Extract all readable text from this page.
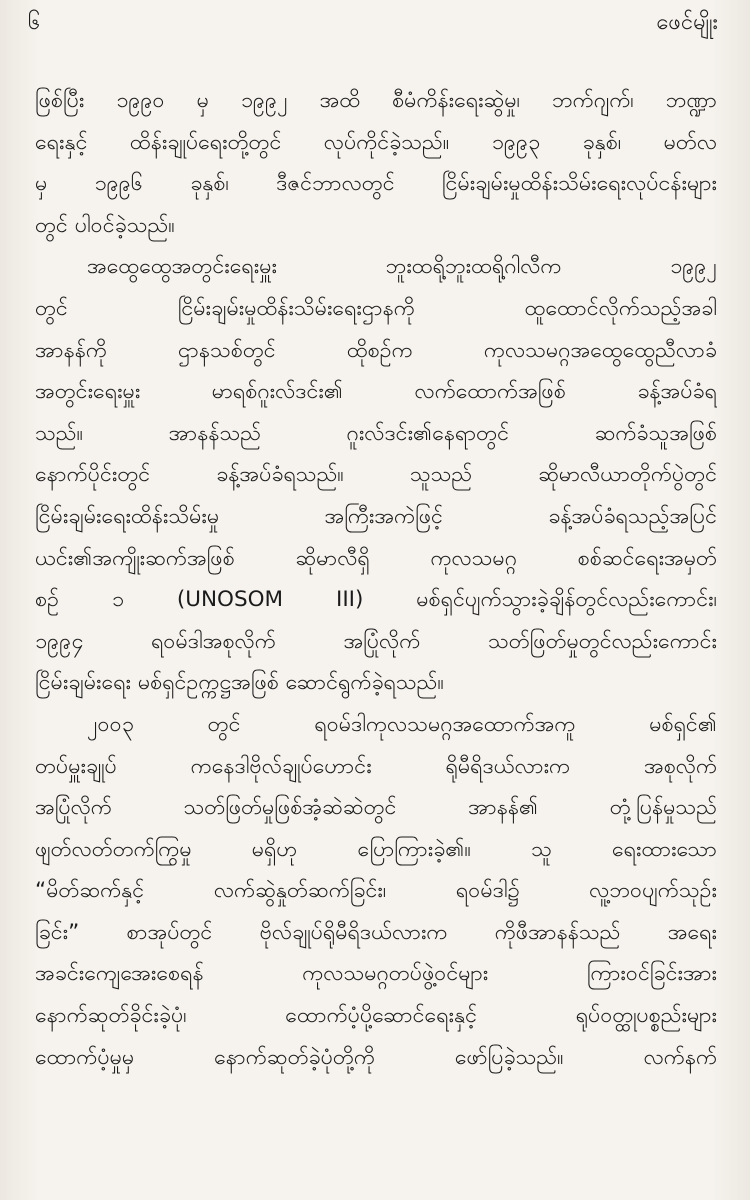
၆	ဖေင်မျိုး
ဖြစ်ပြီး ၁၉၉၀ မှ ၁၉၉၂ အထိ စီမံကိန်းရေးဆွဲမှု၊ ဘက်ဂျက်၊ ဘဏ္ဍာ
ရေးနှင့် ထိန်းချုပ်ရေးတို့တွင် လုပ်ကိုင်ခဲ့သည်။ ၁၉၉၃ ခုနှစ်၊ မတ်လ
မှ ၁၉၉၆ ခုနှစ်၊ ဒီဇင်ဘာလတွင် ငြိမ်းချမ်းမှုထိန်းသိမ်းရေးလုပ်ငန်းများ
တွင် ပါဝင်ခဲ့သည်။
အထွေထွေအတွင်းရေးမှူး ဘူးထရို့ဘူးထရို့ဂါလီက ၁၉၉၂
တွင် ငြိမ်းချမ်းမှုထိန်းသိမ်းရေးဌာနကို ထူထောင်လိုက်သည့်အခါ
အာနန်ကို ဌာနသစ်တွင် ထိုစဉ်က ကုလသမဂ္ဂအထွေထွေညီလာခံ
အတွင်းရေးမှူး မာရစ်ဂူးလ်ဒင်း၏ လက်ထောက်အဖြစ် ခန့်အပ်ခံရ
သည်။ အာနန်သည် ဂူးလ်ဒင်း၏နေရာတွင် ဆက်ခံသူအဖြစ်
နောက်ပိုင်းတွင် ခန့်အပ်ခံရသည်။ သူသည် ဆိုမာလီယာတိုက်ပွဲတွင်
ငြိမ်းချမ်းရေးထိန်းသိမ်းမှု အကြီးအကဲဖြင့် ခန့်အပ်ခံရသည့်အပြင်
ယင်း၏အကျိုးဆက်အဖြစ် ဆိုမာလီရှိ ကုလသမဂ္ဂ စစ်ဆင်ရေးအမှတ်
စဉ် ၁ (UNOSOM III) မစ်ရှင်ပျက်သွားခဲ့ချိန်တွင်လည်းကောင်း၊
၁၉၉၄ ရဝမ်ဒါအစုလိုက် အပြုံလိုက် သတ်ဖြတ်မှုတွင်လည်းကောင်း
ငြိမ်းချမ်းရေး မစ်ရှင်ဥက္ကဋ္ဌအဖြစ် ဆောင်ရွက်ခဲ့ရသည်။
၂၀၀၃ တွင် ရဝမ်ဒါကုလသမဂ္ဂအထောက်အကူ မစ်ရှင်၏
တပ်မှူးချုပ် ကနေဒါဗိုလ်ချုပ်ဟောင်း ရိုမီရိဒယ်လားက အစုလိုက်
အပြုံလိုက် သတ်ဖြတ်မှုဖြစ်အံ့ဆဲဆဲတွင် အာနန်၏ တုံ့ပြန်မှုသည်
ဖျတ်လတ်တက်ကြွမှု မရှိဟု ပြောကြားခဲ့၏။ သူ ရေးထားသော
“မိတ်ဆက်နှင့် လက်ဆွဲနှုတ်ဆက်ခြင်း၊ ရဝမ်ဒါ၌ လူ့ဘဝပျက်သုဉ်း
ခြင်း” စာအုပ်တွင် ဗိုလ်ချုပ်ရိုမီရိဒယ်လားက ကိုဖီအာနန်သည် အရေး
အခင်းကျေအေးစေရန် ကုလသမဂ္ဂတပ်ဖွဲ့ဝင်များ ကြားဝင်ခြင်းအား
နောက်ဆုတ်ခိုင်းခဲ့ပုံ၊ ထောက်ပံ့ပို့ဆောင်ရေးနှင့် ရုပ်ဝတ္ထုပစ္စည်းများ
ထောက်ပံ့မှုမှ နောက်ဆုတ်ခဲ့ပုံတို့ကို ဖော်ပြခဲ့သည်။ လက်နက်
